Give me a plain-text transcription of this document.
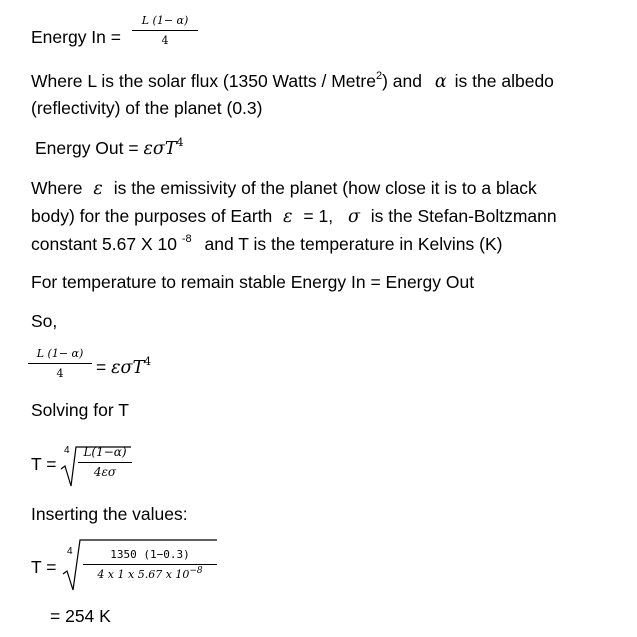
Energy In =
L (1− α)
4
Where L is the solar flux (1350 Watts / Metre$^2$) and α is the albedo
(reflectivity) of the planet (0.3)
Energy Out = εσT$^4$
Where ε is the emissivity of the planet (how close it is to a black
body) for the purposes of Earth ε = 1, σ is the Stefan-Boltzmann
constant 5.67 X 10 $^{-8}$ and T is the temperature in Kelvins (K)
For temperature to remain stable Energy In = Energy Out
So,
L (1− α)
4	= εσT$^4$
Solving for T
T =
4	L(1−α)
4εσ
Inserting the values:
T =
4	1350 (1−0.3)
4 x 1 x 5.67 x $10^{-8}$
= 254 K
